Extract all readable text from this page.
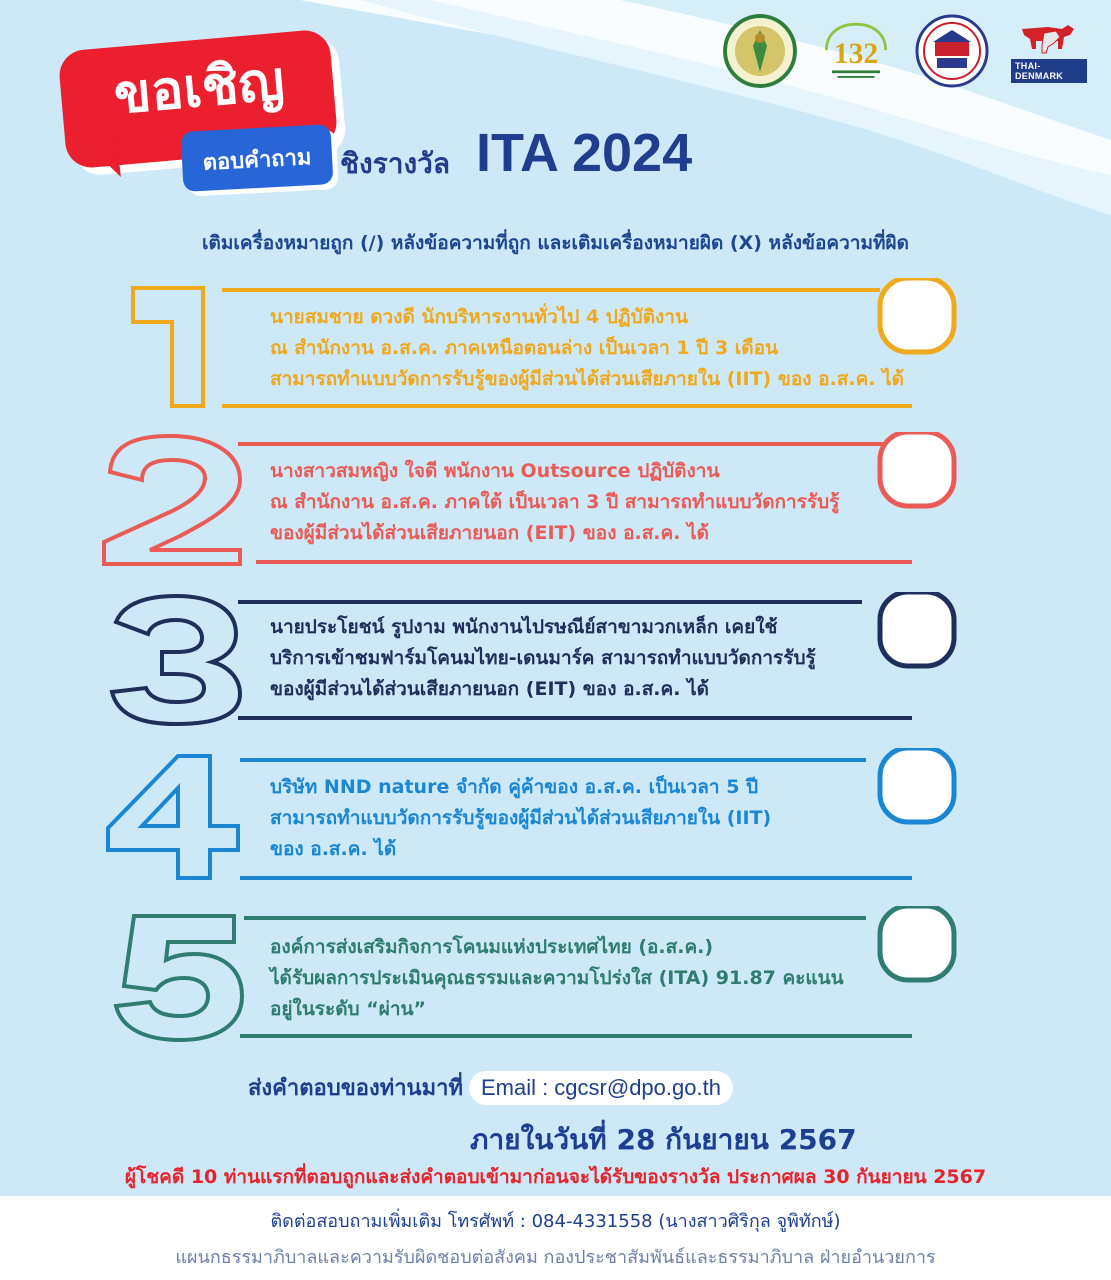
132	THAI-DENMARK
ขอเชิญ
ตอบคำถาม	ชิงรางวัล ITA 2024
เติมเครื่องหมายถูก (/) หลังข้อความที่ถูก และเติมเครื่องหมายผิด (X) หลังข้อความที่ผิด
นายสมชาย ดวงดี นักบริหารงานทั่วไป 4 ปฏิบัติงาน
ณ สำนักงาน อ.ส.ค. ภาคเหนือตอนล่าง เป็นเวลา 1 ปี 3 เดือน
สามารถทำแบบวัดการรับรู้ของผู้มีส่วนได้ส่วนเสียภายใน (IIT) ของ อ.ส.ค. ได้
นางสาวสมหญิง ใจดี พนักงาน Outsource ปฏิบัติงาน
ณ สำนักงาน อ.ส.ค. ภาคใต้ เป็นเวลา 3 ปี สามารถทำแบบวัดการรับรู้
ของผู้มีส่วนได้ส่วนเสียภายนอก (EIT) ของ อ.ส.ค. ได้
นายประโยชน์ รูปงาม พนักงานไปรษณีย์สาขามวกเหล็ก เคยใช้
บริการเข้าชมฟาร์มโคนมไทย-เดนมาร์ค สามารถทำแบบวัดการรับรู้
ของผู้มีส่วนได้ส่วนเสียภายนอก (EIT) ของ อ.ส.ค. ได้
บริษัท NND nature จำกัด คู่ค้าของ อ.ส.ค. เป็นเวลา 5 ปี
สามารถทำแบบวัดการรับรู้ของผู้มีส่วนได้ส่วนเสียภายใน (IIT)
ของ อ.ส.ค. ได้
องค์การส่งเสริมกิจการโคนมแห่งประเทศไทย (อ.ส.ค.)
ได้รับผลการประเมินคุณธรรมและความโปร่งใส (ITA) 91.87 คะแนน
อยู่ในระดับ “ผ่าน”
ส่งคำตอบของท่านมาที่ Email : cgcsr@dpo.go.th
ภายในวันที่ 28 กันยายน 2567
ผู้โชคดี 10 ท่านแรกที่ตอบถูกและส่งคำตอบเข้ามาก่อนจะได้รับของรางวัล ประกาศผล 30 กันยายน 2567
ติดต่อสอบถามเพิ่มเติม โทรศัพท์ : 084-4331558 (นางสาวศิริกุล จูพิทักษ์)
แผนกธรรมาภิบาลและความรับผิดชอบต่อสังคม กองประชาสัมพันธ์และธรรมาภิบาล ฝ่ายอำนวยการ
